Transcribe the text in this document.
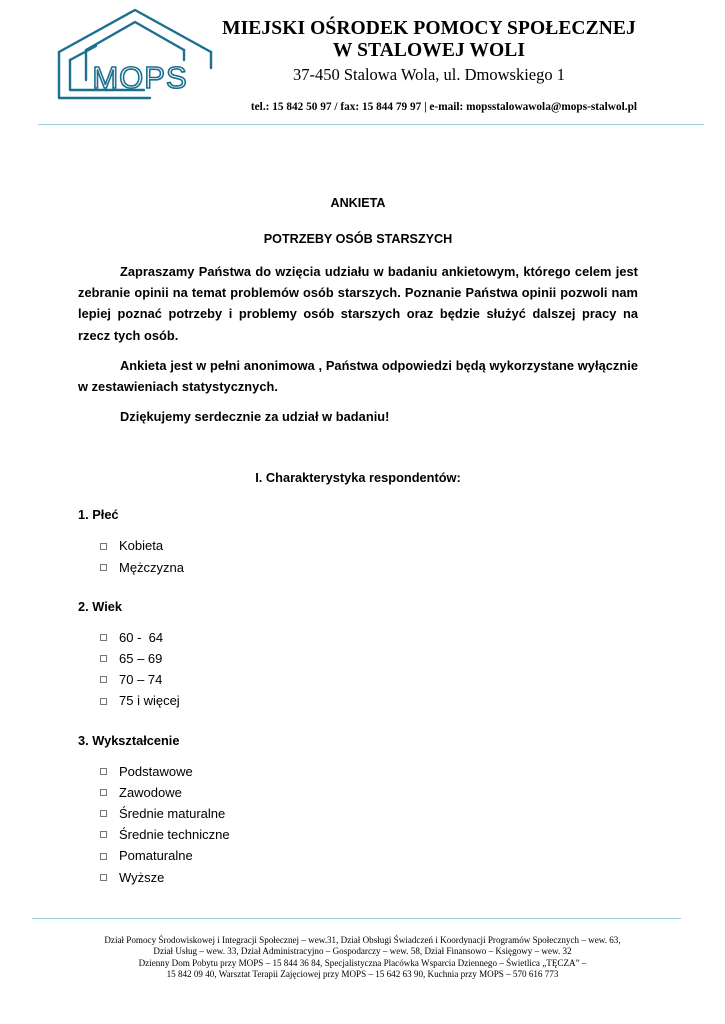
MOPS
MIEJSKI OŚRODEK POMOCY SPOŁECZNEJ
W STALOWEJ WOLI
37-450 Stalowa Wola, ul. Dmowskiego 1
tel.: 15 842 50 97 / fax: 15 844 79 97 | e-mail: mopsstalowawola@mops-stalwol.pl
ANKIETA
POTRZEBY OSÓB STARSZYCH
Zapraszamy Państwa do wzięcia udziału w badaniu ankietowym, którego celem jest zebranie opinii na temat problemów osób starszych. Poznanie Państwa opinii pozwoli nam lepiej poznać potrzeby i problemy osób starszych oraz będzie służyć dalszej pracy na rzecz tych osób.
Ankieta jest w pełni anonimowa , Państwa odpowiedzi będą wykorzystane wyłącznie w zestawieniach statystycznych.
Dziękujemy serdecznie za udział w badaniu!
I. Charakterystyka respondentów:
1. Płeć
Kobieta
Mężczyzna
2. Wiek
60 -  64
65 – 69
70 – 74
75 i więcej
3. Wykształcenie
Podstawowe
Zawodowe
Średnie maturalne
Średnie techniczne
Pomaturalne
Wyższe
Dział Pomocy Środowiskowej i Integracji Społecznej – wew.31, Dział Obsługi Świadczeń i Koordynacji Programów Społecznych – wew. 63,
Dział Usług – wew. 33, Dział Administracyjno – Gospodarczy – wew. 58, Dział Finansowo – Księgowy – wew. 32
Dzienny Dom Pobytu przy MOPS – 15 844 36 84, Specjalistyczna Placówka Wsparcia Dziennego – Świetlica „TĘCZA” –
15 842 09 40, Warsztat Terapii Zajęciowej przy MOPS – 15 642 63 90, Kuchnia przy MOPS – 570 616 773
